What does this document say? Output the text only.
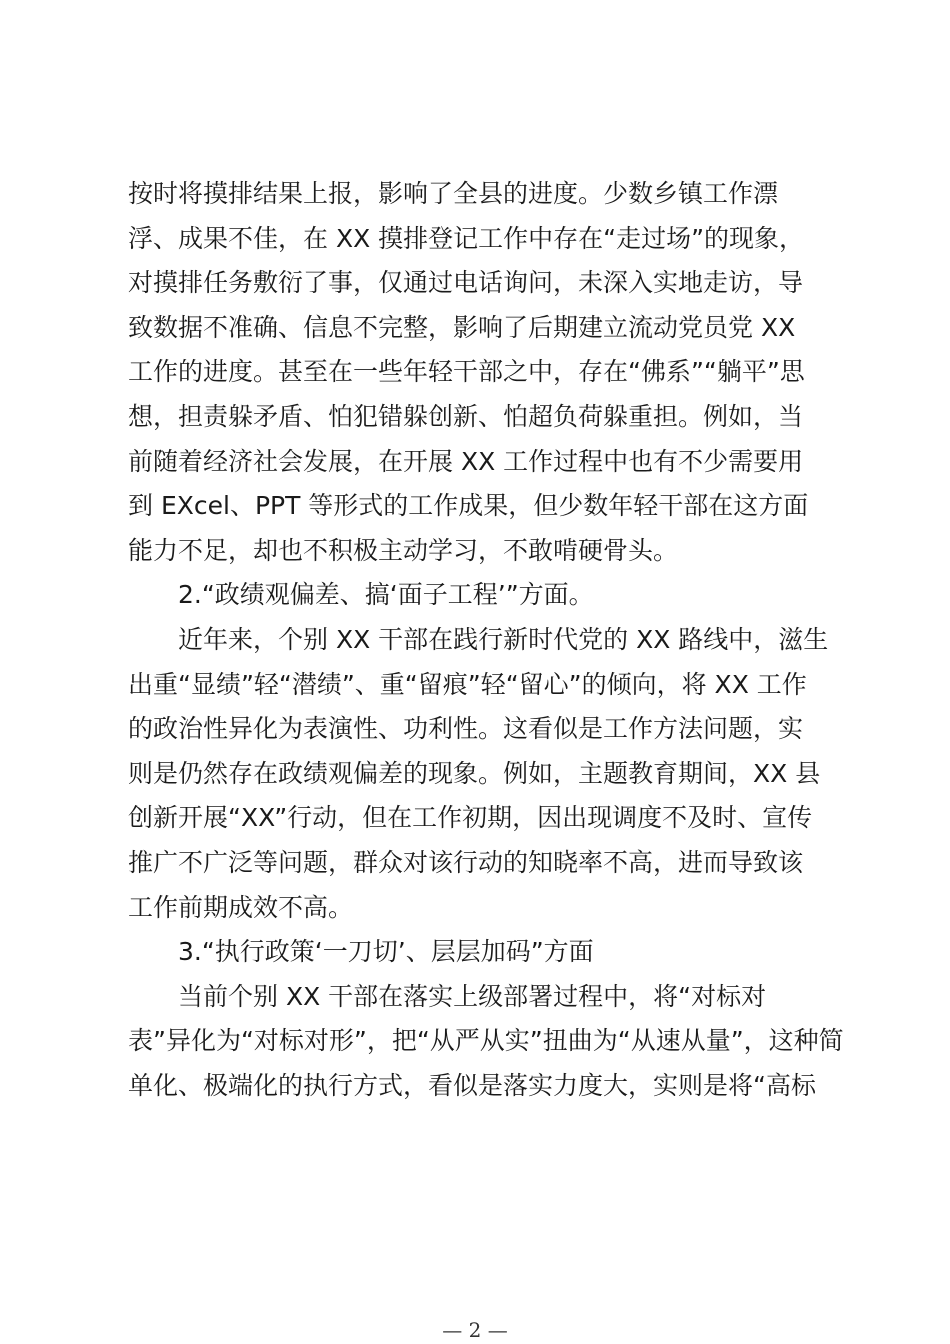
按时将摸排结果上报，影响了全县的进度。少数乡镇工作漂
浮、成果不佳，在 XX 摸排登记工作中存在“走过场”的现象，
对摸排任务敷衍了事，仅通过电话询问，未深入实地走访，导
致数据不准确、信息不完整，影响了后期建立流动党员党 XX
工作的进度。甚至在一些年轻干部之中，存在“佛系”“躺平”思
想，担责躲矛盾、怕犯错躲创新、怕超负荷躲重担。例如，当
前随着经济社会发展，在开展 XX 工作过程中也有不少需要用
到 EXcel、PPT 等形式的工作成果，但少数年轻干部在这方面
能力不足，却也不积极主动学习，不敢啃硬骨头。
2.“政绩观偏差、搞‘面子工程’”方面。
近年来，个别 XX 干部在践行新时代党的 XX 路线中，滋生
出重“显绩”轻“潜绩”、重“留痕”轻“留心”的倾向，将 XX 工作
的政治性异化为表演性、功利性。这看似是工作方法问题，实
则是仍然存在政绩观偏差的现象。例如，主题教育期间，XX 县
创新开展“XX”行动，但在工作初期，因出现调度不及时、宣传
推广不广泛等问题，群众对该行动的知晓率不高，进而导致该
工作前期成效不高。
3.“执行政策‘一刀切’、层层加码”方面
当前个别 XX 干部在落实上级部署过程中，将“对标对
表”异化为“对标对形”，把“从严从实”扭曲为“从速从量”，这种简
单化、极端化的执行方式，看似是落实力度大，实则是将“高标
— 2 —
